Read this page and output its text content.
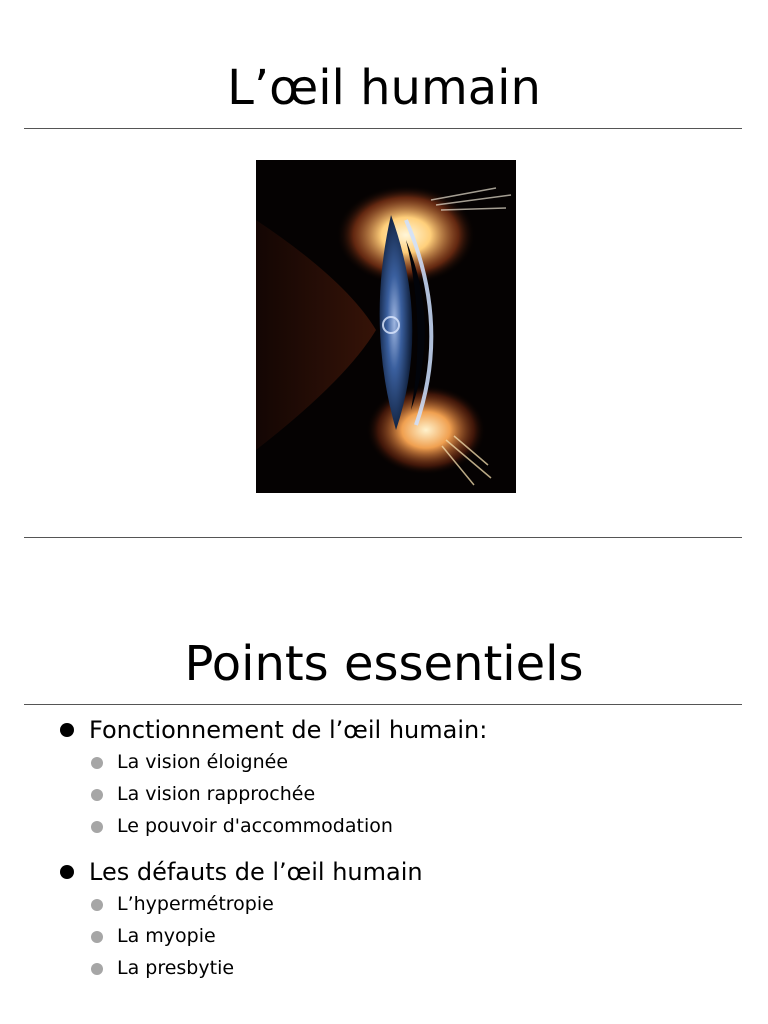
L’œil humain
Points essentiels
Fonctionnement de l’œil humain:
La vision éloignée
La vision rapprochée
Le pouvoir d'accommodation
Les défauts de l’œil humain
L’hypermétropie
La myopie
La presbytie
